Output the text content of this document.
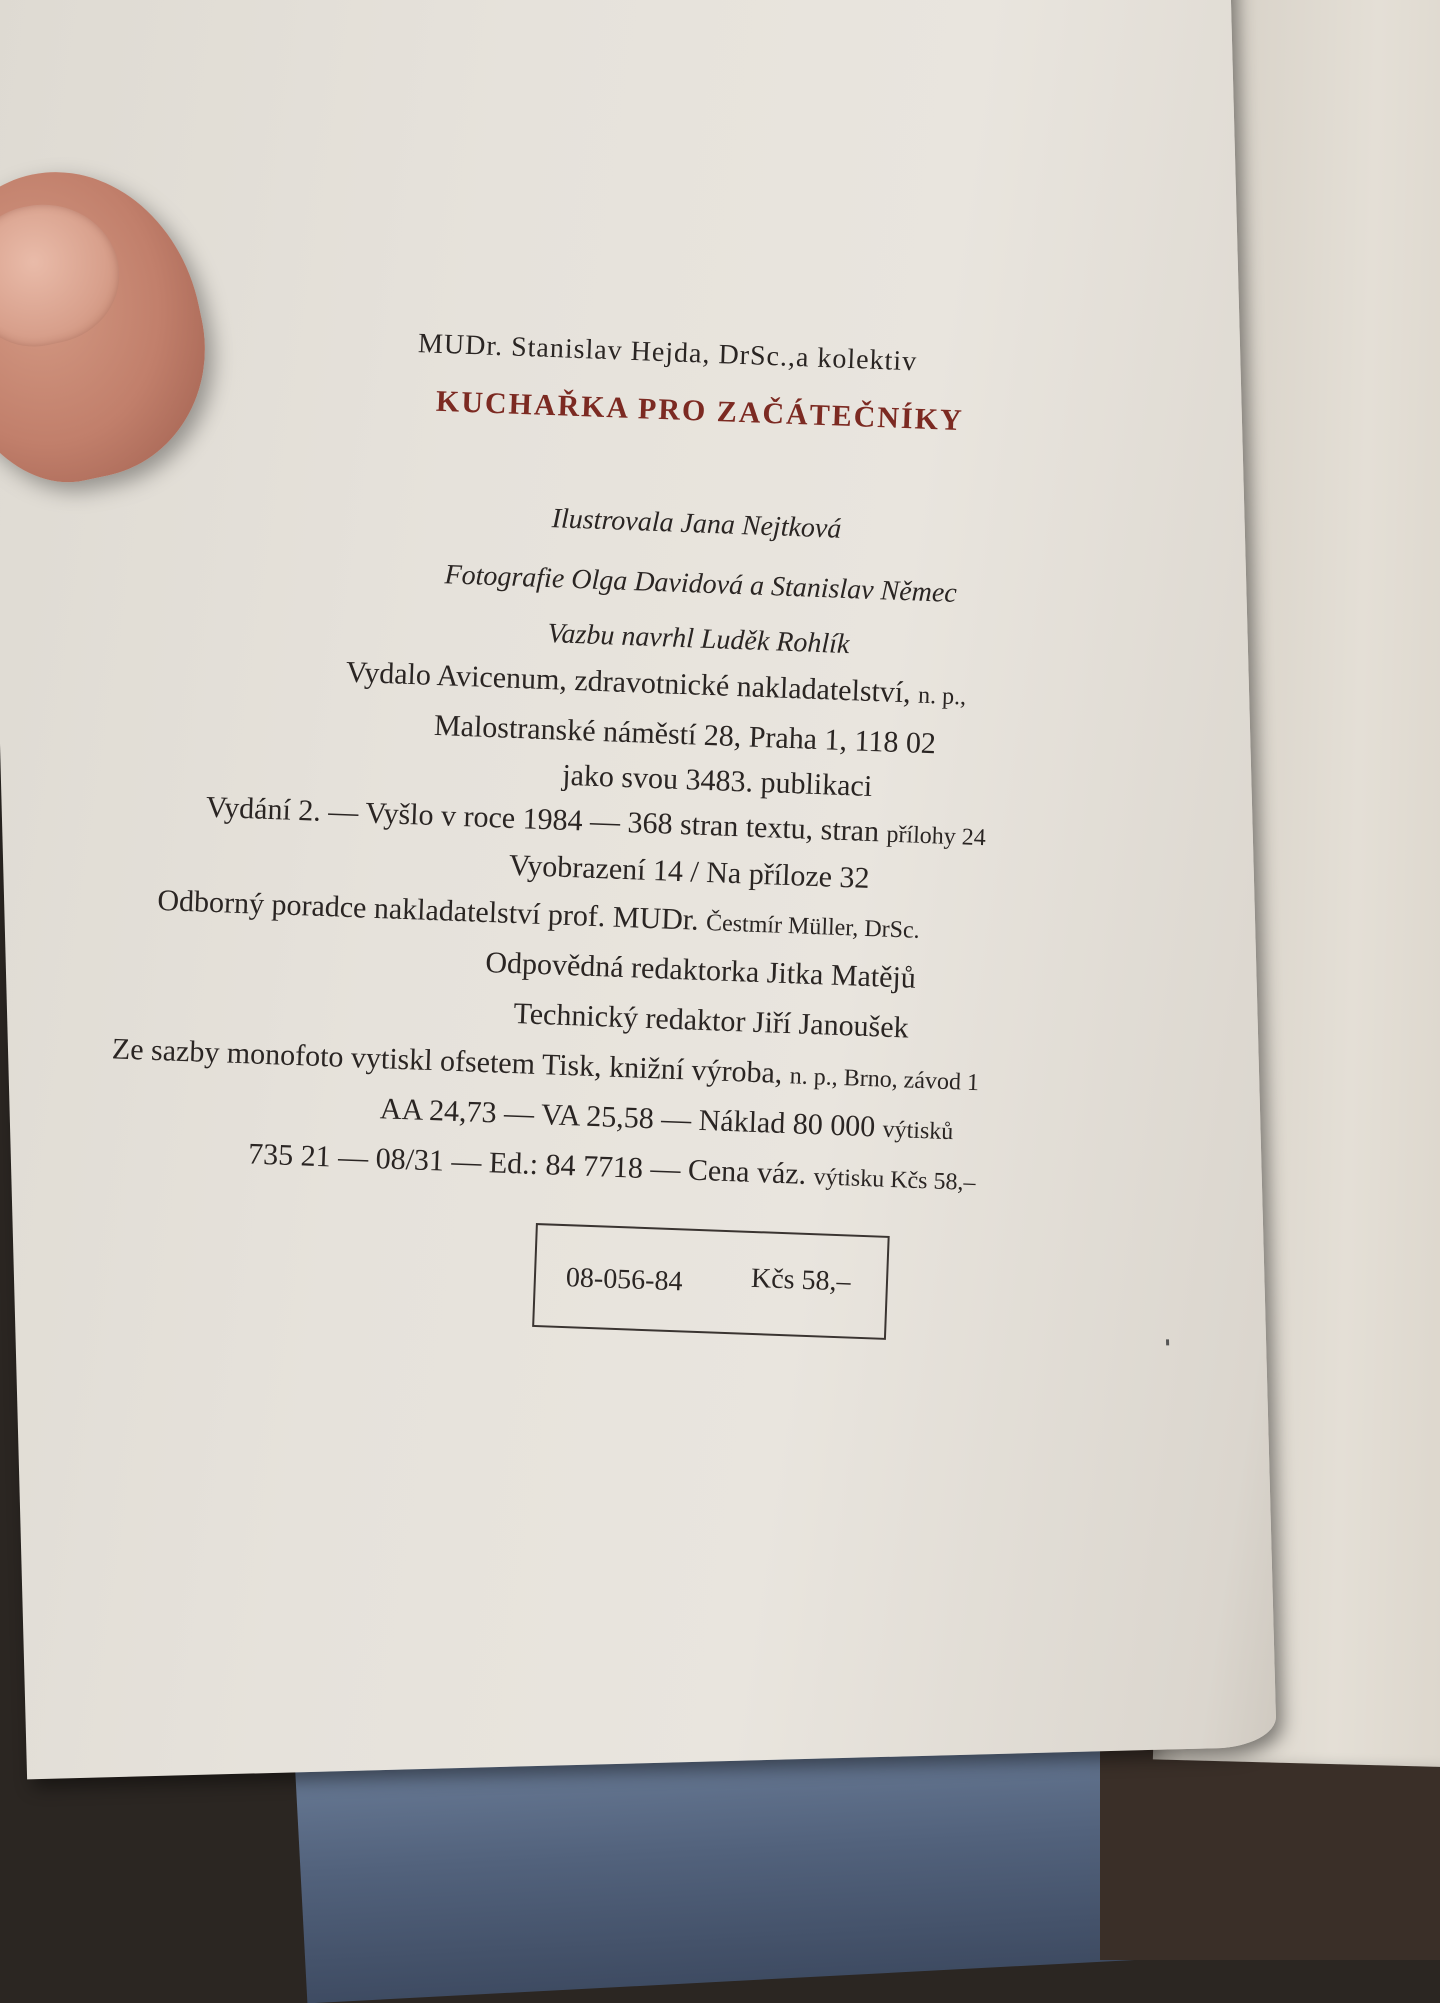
MUDr. Stanislav Hejda, DrSc.,a kolektiv
KUCHAŘKA PRO ZAČÁTEČNÍKY
Ilustrovala Jana Nejtková
Fotografie Olga Davidová a Stanislav Němec
Vazbu navrhl Luděk Rohlík
Vydalo Avicenum, zdravotnické nakladatelství, n. p.,
Malostranské náměstí 28, Praha 1, 118 02
jako svou 3483. publikaci
Vydání 2. — Vyšlo v roce 1984 — 368 stran textu, stran přílohy 24
Vyobrazení 14 / Na příloze 32
Odborný poradce nakladatelství prof. MUDr. Čestmír Müller, DrSc.
Odpovědná redaktorka Jitka Matějů
Technický redaktor Jiří Janoušek
Ze sazby monofoto vytiskl ofsetem Tisk, knižní výroba, n. p., Brno, závod 1
AA 24,73 — VA 25,58 — Náklad 80 000 výtisků
735 21 — 08/31 — Ed.: 84 7718 — Cena váz. výtisku Kčs 58,–
08-056-84 Kčs 58,–
